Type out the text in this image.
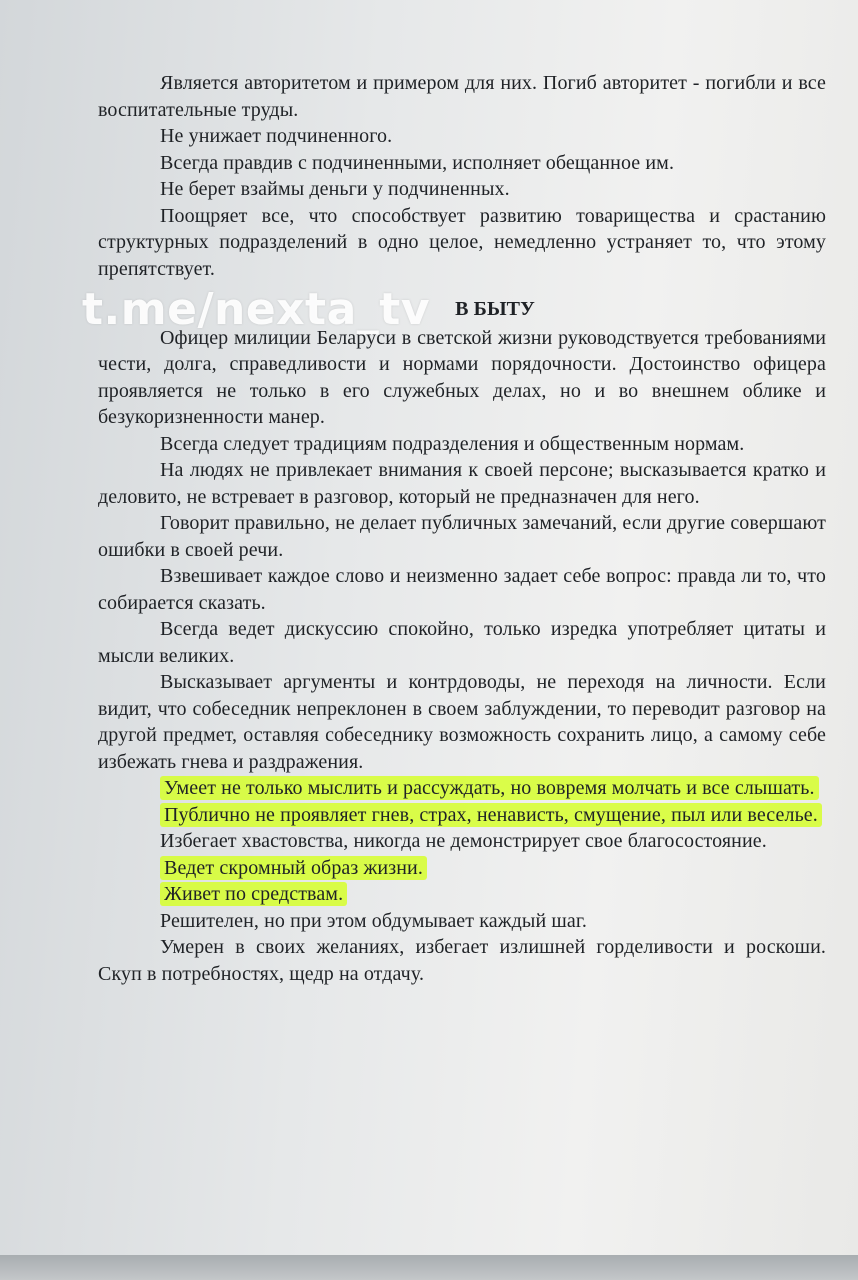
Является авторитетом и примером для них. Погиб авторитет - погибли и все воспитательные труды.

Не унижает подчиненного.

Всегда правдив с подчиненными, исполняет обещанное им.

Не берет взаймы деньги у подчиненных.

Поощряет все, что способствует развитию товарищества и срастанию структурных подразделений в одно целое, немедленно устраняет то, что этому препятствует.

В БЫТУ

Офицер милиции Беларуси в светской жизни руководствуется требованиями чести, долга, справедливости и нормами порядочности. Достоинство офицера проявляется не только в его служебных делах, но и во внешнем облике и безукоризненности манер.

Всегда следует традициям подразделения и общественным нормам.

На людях не привлекает внимания к своей персоне; высказывается кратко и деловито, не встревает в разговор, который не предназначен для него.

Говорит правильно, не делает публичных замечаний, если другие совершают ошибки в своей речи.

Взвешивает каждое слово и неизменно задает себе вопрос: правда ли то, что собирается сказать.

Всегда ведет дискуссию спокойно, только изредка употребляет цитаты и мысли великих.

Высказывает аргументы и контрдоводы, не переходя на личности. Если видит, что собеседник непреклонен в своем заблуждении, то переводит разговор на другой предмет, оставляя собеседнику возможность сохранить лицо, а самому себе избежать гнева и раздражения.

Умеет не только мыслить и рассуждать, но вовремя молчать и все слышать.

Публично не проявляет гнев, страх, ненависть, смущение, пыл или веселье.

Избегает хвастовства, никогда не демонстрирует свое благосостояние.

Ведет скромный образ жизни.

Живет по средствам.

Решителен, но при этом обдумывает каждый шаг.

Умерен в своих желаниях, избегает излишней горделивости и роскоши. Скуп в потребностях, щедр на отдачу.

t.me/nexta_tv
